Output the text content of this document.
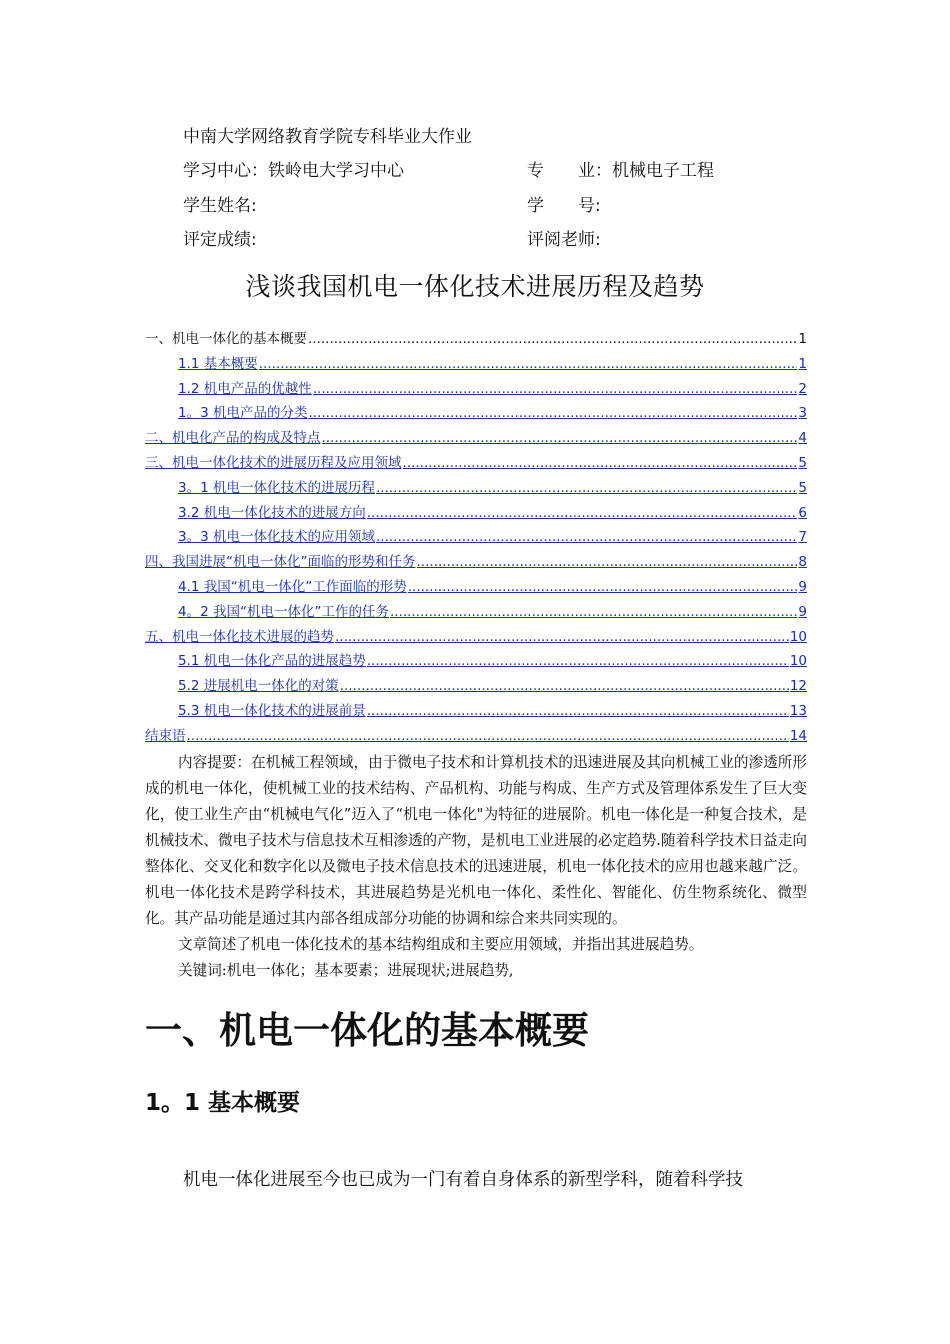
中南大学网络教育学院专科毕业大作业
学习中心：铁岭电大学习中心	专　　业：机械电子工程
学生姓名:	学　　号:
评定成绩:	评阅老师:
浅谈我国机电一体化技术进展历程及趋势
一、机电一体化的基本概要 .....	1
1.1 基本概要 .....	1
1.2 机电产品的优越性 .....	2
1。3 机电产品的分类 .....	3
二、机电化产品的构成及特点 .....	4
三、机电一体化技术的进展历程及应用领域 .....	5
3。1 机电一体化技术的进展历程 .....	5
3.2 机电一体化技术的进展方向 .....	6
3。3 机电一体化技术的应用领域 .....	7
四、我国进展“机电一体化”面临的形势和任务 .....	8
4.1 我国“机电一体化”工作面临的形势 .....	9
4。2 我国“机电一体化”工作的任务 .....	9
五、机电一体化技术进展的趋势 .....	10
5.1 机电一体化产品的进展趋势 .....	10
5.2 进展机电一体化的对策 .....	12
5.3 机电一体化技术的进展前景 .....	13
结束语 .....	14

内容提要：在机械工程领域，由于微电子技术和计算机技术的迅速进展及其向机械工业的渗透所形成的机电一体化，使机械工业的技术结构、产品机构、功能与构成、生产方式及管理体系发生了巨大变化，使工业生产由“机械电气化”迈入了“机电一体化"为特征的进展阶。机电一体化是一种复合技术，是机械技术、微电子技术与信息技术互相渗透的产物，是机电工业进展的必定趋势.随着科学技术日益走向整体化、交叉化和数字化以及微电子技术信息技术的迅速进展，机电一体化技术的应用也越来越广泛。机电一体化技术是跨学科技术，其进展趋势是光机电一体化、柔性化、智能化、仿生物系统化、微型化。其产品功能是通过其内部各组成部分功能的协调和综合来共同实现的。

文章简述了机电一体化技术的基本结构组成和主要应用领域，并指出其进展趋势。

关键词:机电一体化；基本要素；进展现状;进展趋势,

一、机电一体化的基本概要
1。1 基本概要
机电一体化进展至今也已成为一门有着自身体系的新型学科，随着科学技
